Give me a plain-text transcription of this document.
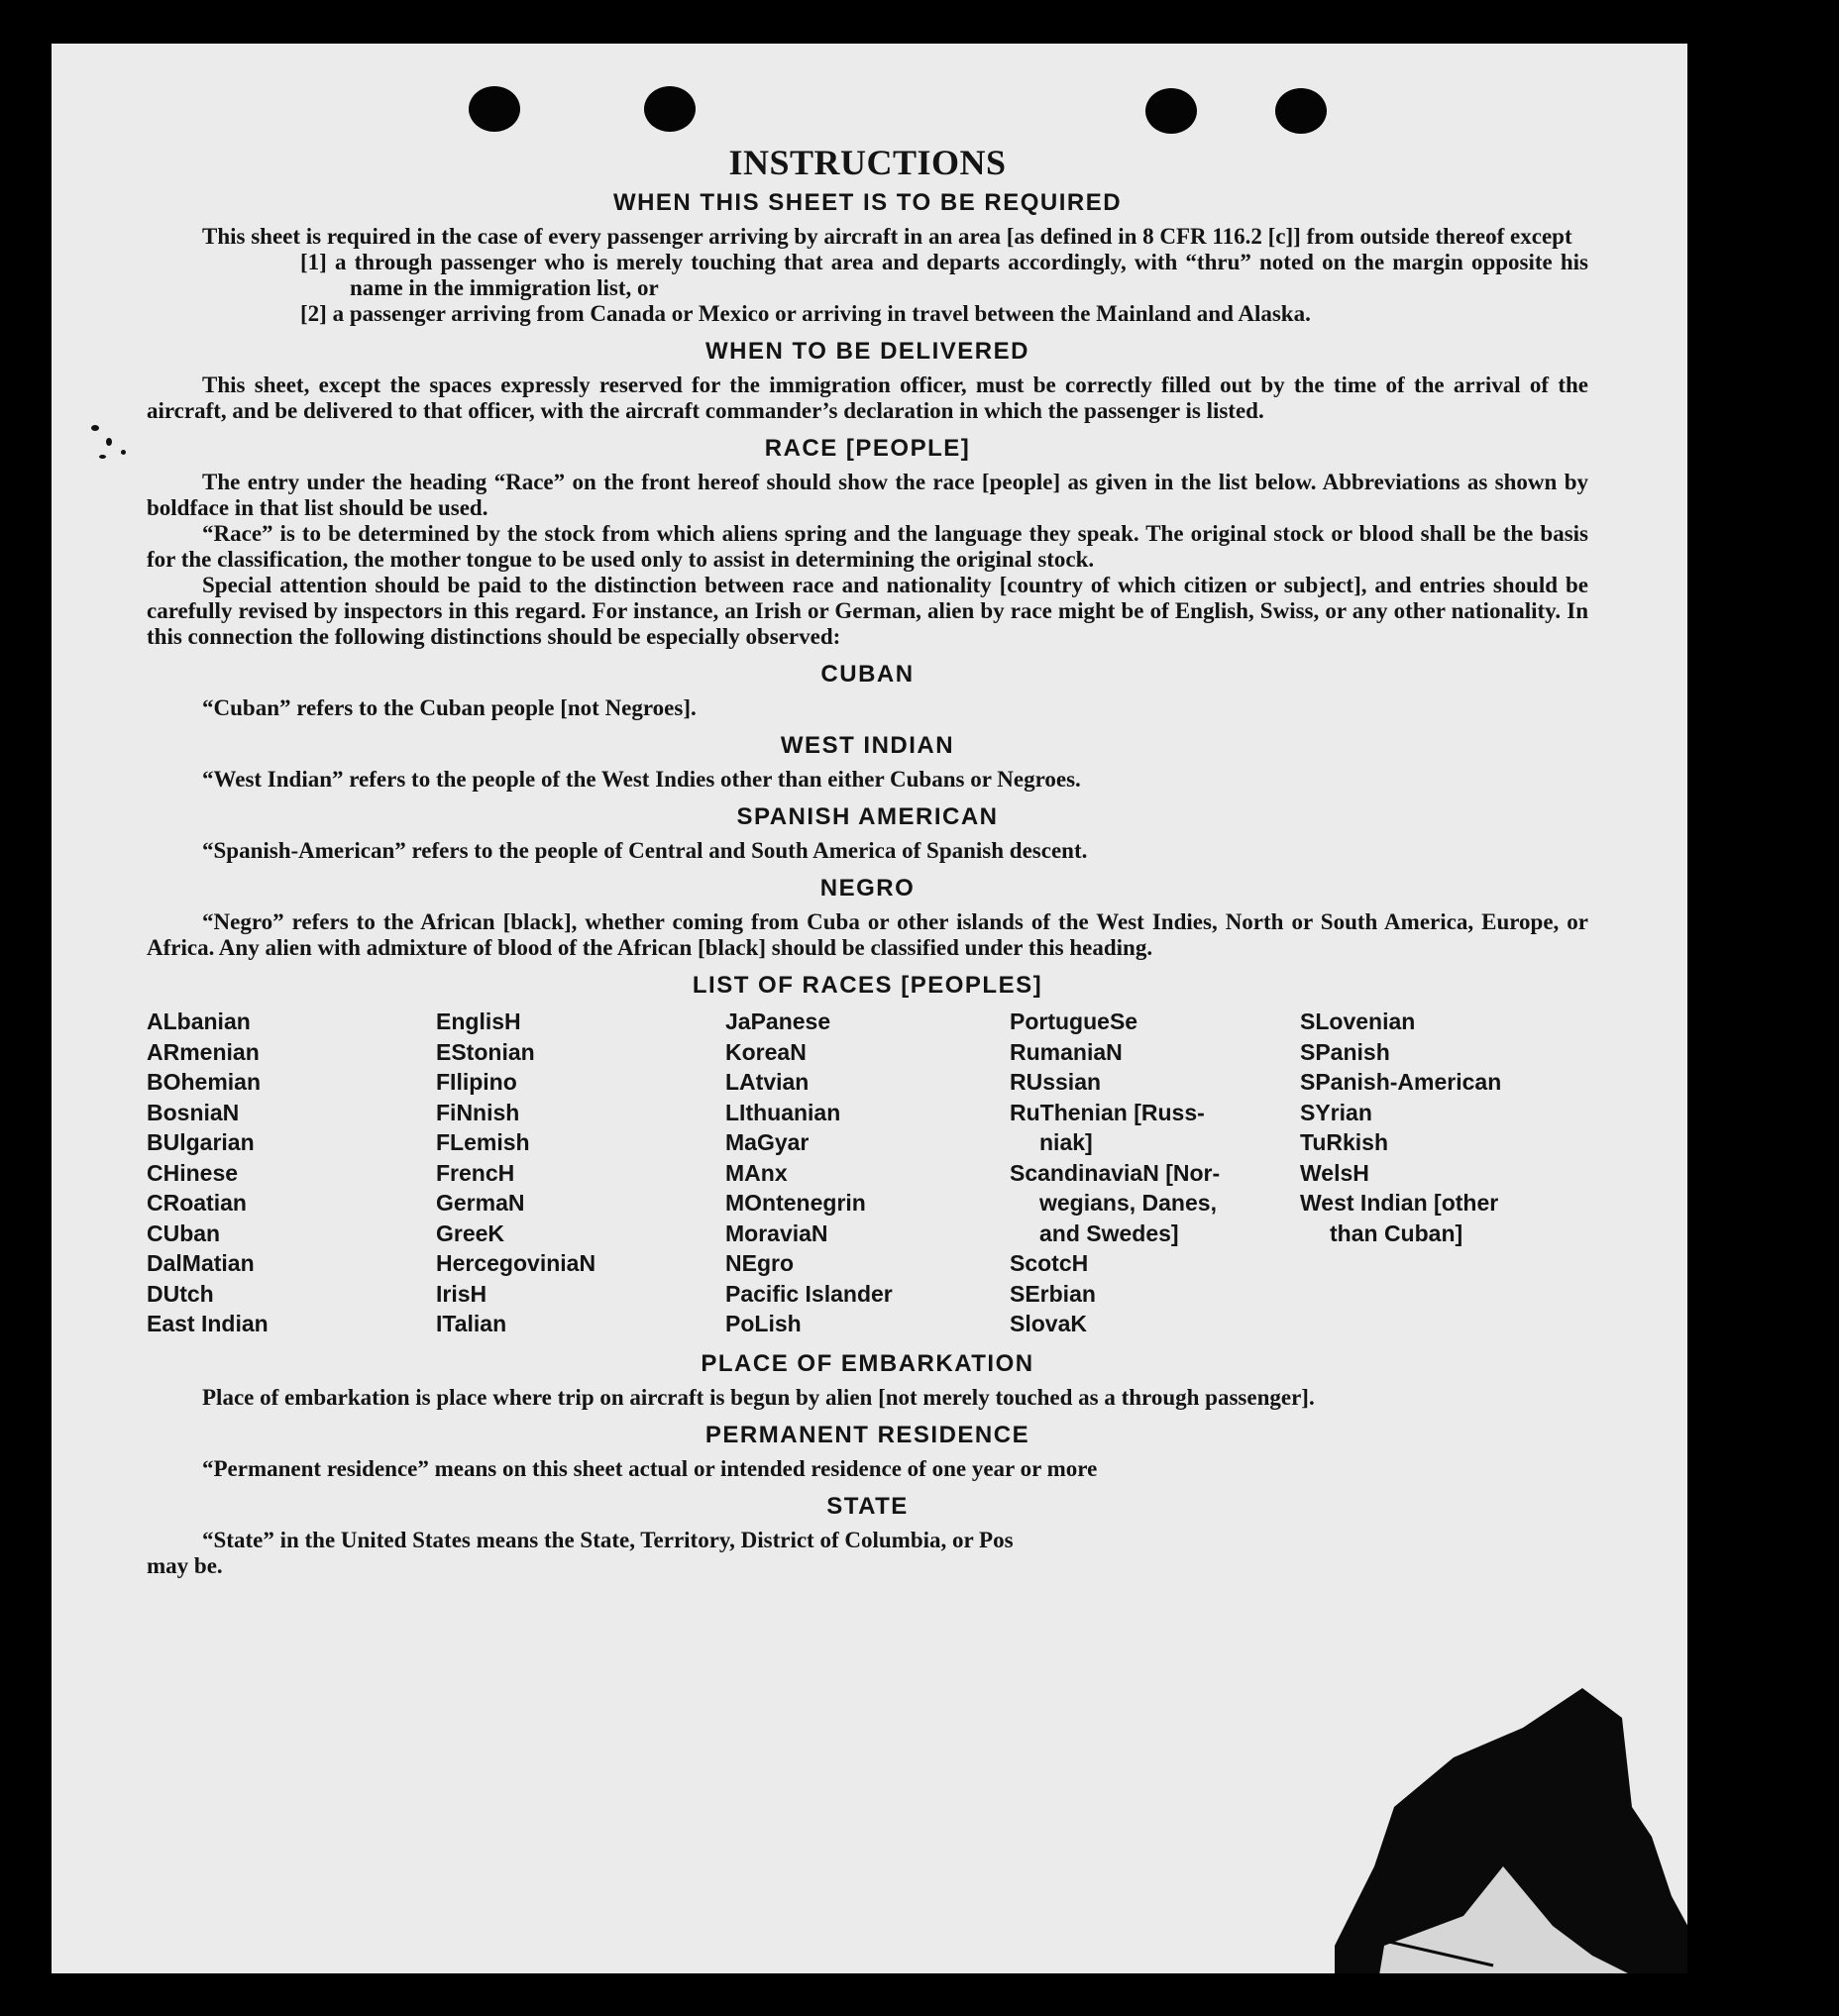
INSTRUCTIONS
WHEN THIS SHEET IS TO BE REQUIRED

This sheet is required in the case of every passenger arriving by aircraft in an area [as defined in 8 CFR 116.2 [c]] from outside thereof except

[1] a through passenger who is merely touching that area and departs accordingly, with “thru” noted on the margin opposite his name in the immigration list, or

[2] a passenger arriving from Canada or Mexico or arriving in travel between the Mainland and Alaska.

WHEN TO BE DELIVERED

This sheet, except the spaces expressly reserved for the immigration officer, must be correctly filled out by the time of the arrival of the aircraft, and be delivered to that officer, with the aircraft commander’s declaration in which the passenger is listed.

RACE [PEOPLE]

The entry under the heading “Race” on the front hereof should show the race [people] as given in the list below. Abbreviations as shown by boldface in that list should be used.

“Race” is to be determined by the stock from which aliens spring and the language they speak. The original stock or blood shall be the basis for the classification, the mother tongue to be used only to assist in determining the original stock.

Special attention should be paid to the distinction between race and nationality [country of which citizen or subject], and entries should be carefully revised by inspectors in this regard. For instance, an Irish or German, alien by race might be of English, Swiss, or any other nationality. In this connection the following distinctions should be especially observed:

CUBAN

“Cuban” refers to the Cuban people [not Negroes].

WEST INDIAN

“West Indian” refers to the people of the West Indies other than either Cubans or Negroes.

SPANISH AMERICAN

“Spanish-American” refers to the people of Central and South America of Spanish descent.

NEGRO

“Negro” refers to the African [black], whether coming from Cuba or other islands of the West Indies, North or South America, Europe, or Africa. Any alien with admixture of blood of the African [black] should be classified under this heading.

LIST OF RACES [PEOPLES]
ALbanian
ARmenian
BOhemian
BosniaN
BUlgarian
CHinese
CRoatian
CUban
DalMatian
DUtch
East Indian
EnglisH
EStonian
FIlipino
FiNnish
FLemish
FrencH
GermaN
GreeK
HercegoviniaN
IrisH
ITalian
JaPanese
KoreaN
LAtvian
LIthuanian
MaGyar
MAnx
MOntenegrin
MoraviaN
NEgro
Pacific Islander
PoLish
PortugueSe
RumaniaN
RUssian
RuThenian [Russ-
niak]
ScandinaviaN [Nor-
wegians, Danes,
and Swedes]
ScotcH
SErbian
SlovaK
SLovenian
SPanish
SPanish-American
SYrian
TuRkish
WelsH
West Indian [other
than Cuban]
PLACE OF EMBARKATION

Place of embarkation is place where trip on aircraft is begun by alien [not merely touched as a through passenger].

PERMANENT RESIDENCE

“Permanent residence” means on this sheet actual or intended residence of one year or more

STATE

“State” in the United States means the State, Territory, District of Columbia, or Pos

may be.
